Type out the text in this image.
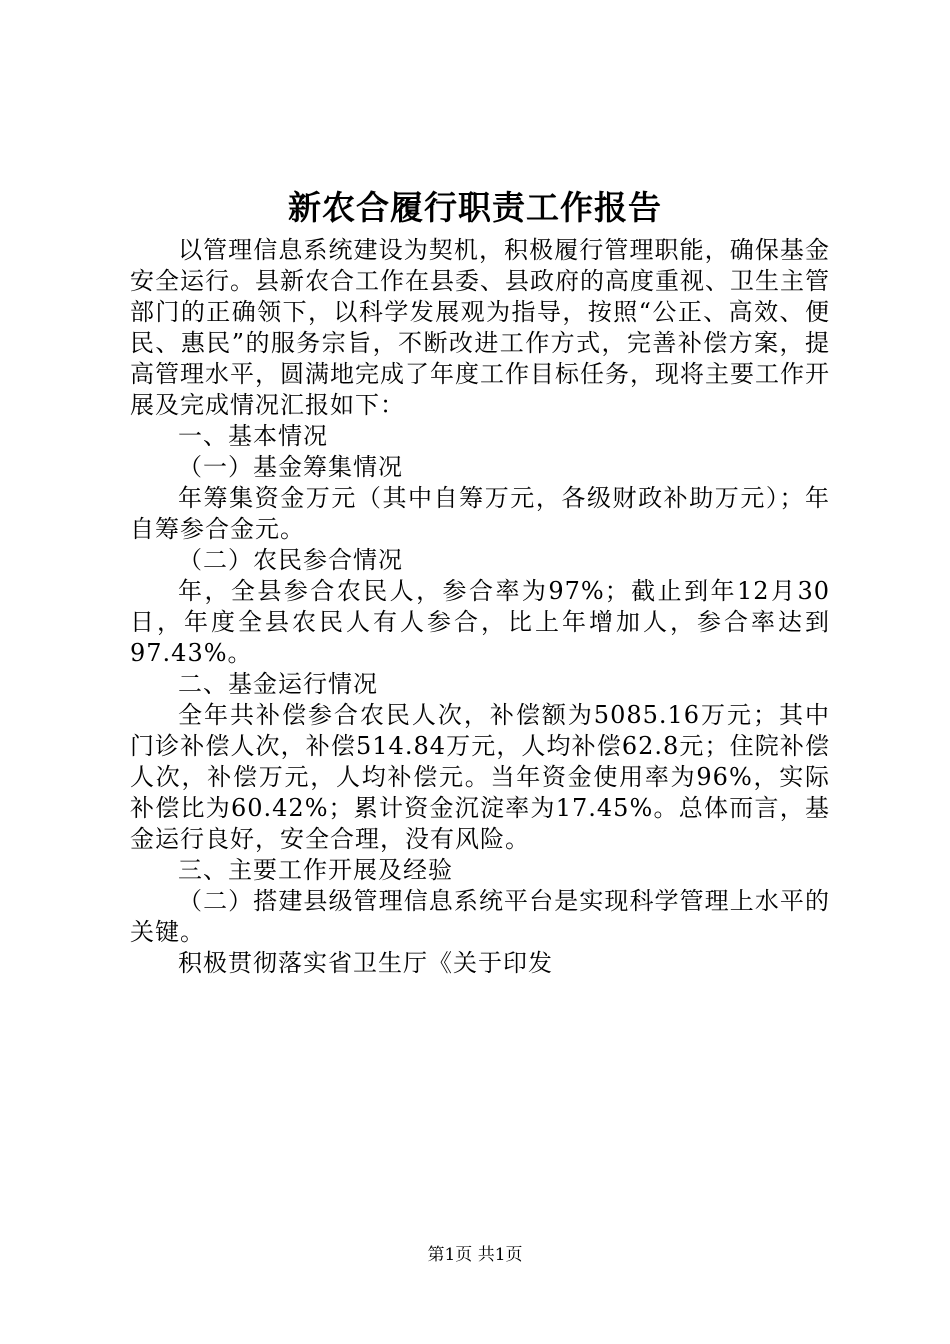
新农合履行职责工作报告

以管理信息系统建设为契机，积极履行管理职能，确保基金安全运行。县新农合工作在县委、县政府的高度重视、卫生主管部门的正确领下，以科学发展观为指导，按照“公正、高效、便民、惠民”的服务宗旨，不断改进工作方式，完善补偿方案，提高管理水平，圆满地完成了年度工作目标任务，现将主要工作开展及完成情况汇报如下：

一、基本情况

（一）基金筹集情况

年筹集资金万元（其中自筹万元，各级财政补助万元）；年自筹参合金元。

（二）农民参合情况

年，全县参合农民人，参合率为97%；截止到年12月30日，年度全县农民人有人参合，比上年增加人，参合率达到97.43%。

二、基金运行情况

全年共补偿参合农民人次，补偿额为5085.16万元；其中门诊补偿人次，补偿514.84万元，人均补偿62.8元；住院补偿人次，补偿万元，人均补偿元。当年资金使用率为96%，实际补偿比为60.42%；累计资金沉淀率为17.45%。总体而言，基金运行良好，安全合理，没有风险。

三、主要工作开展及经验

（二）搭建县级管理信息系统平台是实现科学管理上水平的关键。

积极贯彻落实省卫生厅《关于印发

第1页 共1页
